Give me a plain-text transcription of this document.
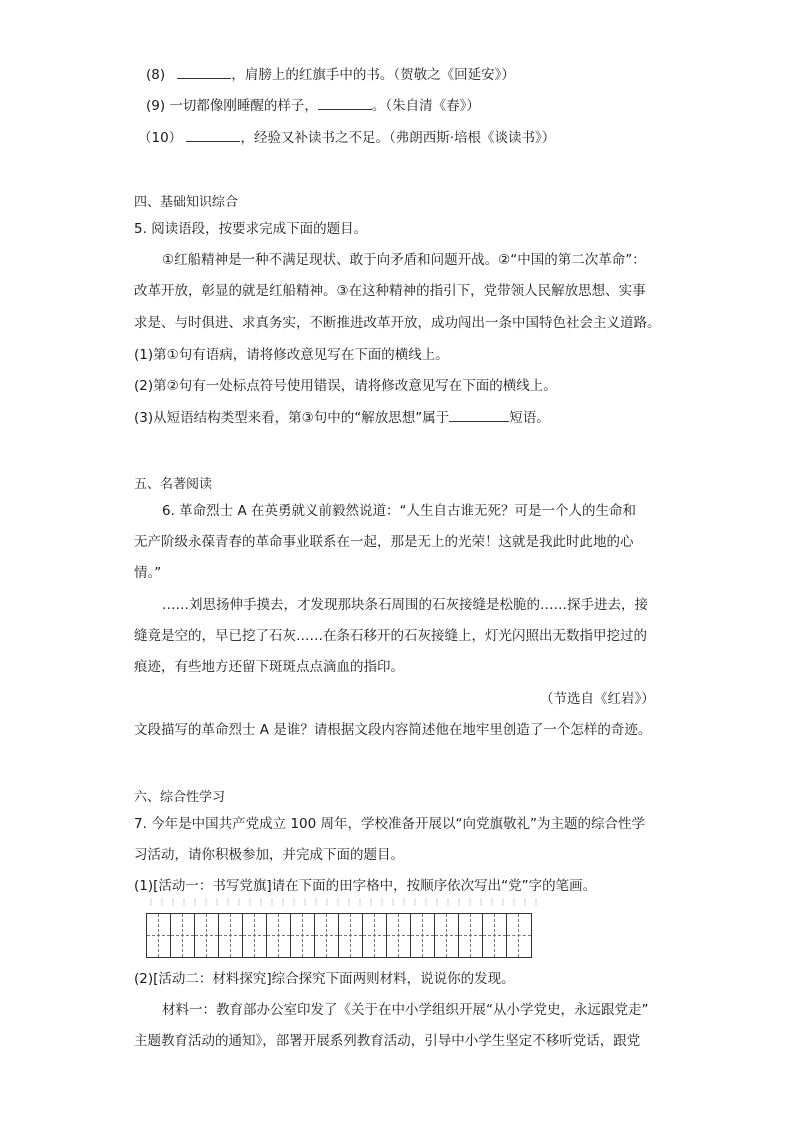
(8)	，肩膀上的红旗手中的书。（贺敬之《回延安》）
(9) 一切都像刚睡醒的样子，	。（朱自清《春》）
（10）	，经验又补读书之不足。（弗朗西斯·培根《谈读书》）
四、基础知识综合
5. 阅读语段，按要求完成下面的题目。
①红船精神是一种不满足现状、敢于向矛盾和问题开战。②“中国的第二次革命”：
改革开放，彰显的就是红船精神。③在这种精神的指引下，党带领人民解放思想、实事
求是、与时俱进、求真务实，不断推进改革开放，成功闯出一条中国特色社会主义道路。
(1)第①句有语病，请将修改意见写在下面的横线上。
(2)第②句有一处标点符号使用错误，请将修改意见写在下面的横线上。
(3)从短语结构类型来看，第③句中的“解放思想”属于	短语。
五、名著阅读
6. 革命烈士 A 在英勇就义前毅然说道：“人生自古谁无死？可是一个人的生命和
无产阶级永葆青春的革命事业联系在一起，那是无上的光荣！这就是我此时此地的心
情。”
……刘思扬伸手摸去，才发现那块条石周围的石灰接缝是松脆的……探手进去，接
缝竟是空的，早已挖了石灰……在条石移开的石灰接缝上，灯光闪照出无数指甲挖过的
痕迹，有些地方还留下斑斑点点滴血的指印。
（节选自《红岩》）
文段描写的革命烈士 A 是谁？请根据文段内容简述他在地牢里创造了一个怎样的奇迹。
六、综合性学习
7. 今年是中国共产党成立 100 周年，学校准备开展以“向党旗敬礼”为主题的综合性学
习活动，请你积极参加，并完成下面的题目。
(1)[活动一：书写党旗]请在下面的田字格中，按顺序依次写出“党”字的笔画。
(2)[活动二：材料探究]综合探究下面两则材料，说说你的发现。
材料一：教育部办公室印发了《关于在中小学组织开展“从小学党史，永远跟党走”
主题教育活动的通知》，部署开展系列教育活动，引导中小学生坚定不移听党话，跟党
